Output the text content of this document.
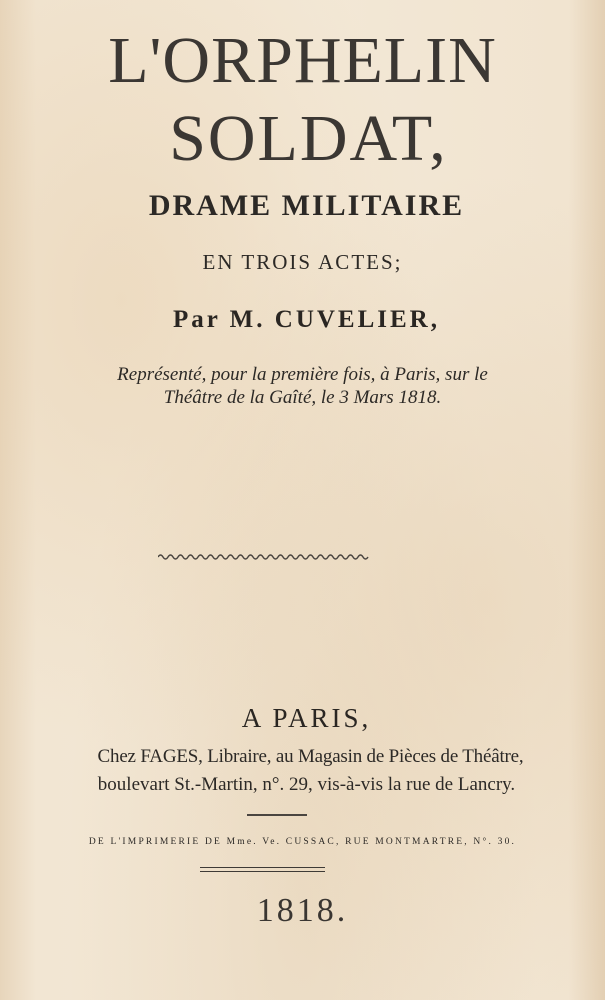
L'ORPHELIN
SOLDAT,
DRAME MILITAIRE
EN TROIS ACTES;
Par M. CUVELIER,
Représenté, pour la première fois, à Paris, sur le
Théâtre de la Gaîté, le 3 Mars 1818.
A PARIS,
Chez FAGES, Libraire, au Magasin de Pièces de Théâtre,
boulevart St.-Martin, n°. 29, vis-à-vis la rue de Lancry.
DE L'IMPRIMERIE DE Mme. Ve. CUSSAC, RUE MONTMARTRE, N°. 30.
1818.
